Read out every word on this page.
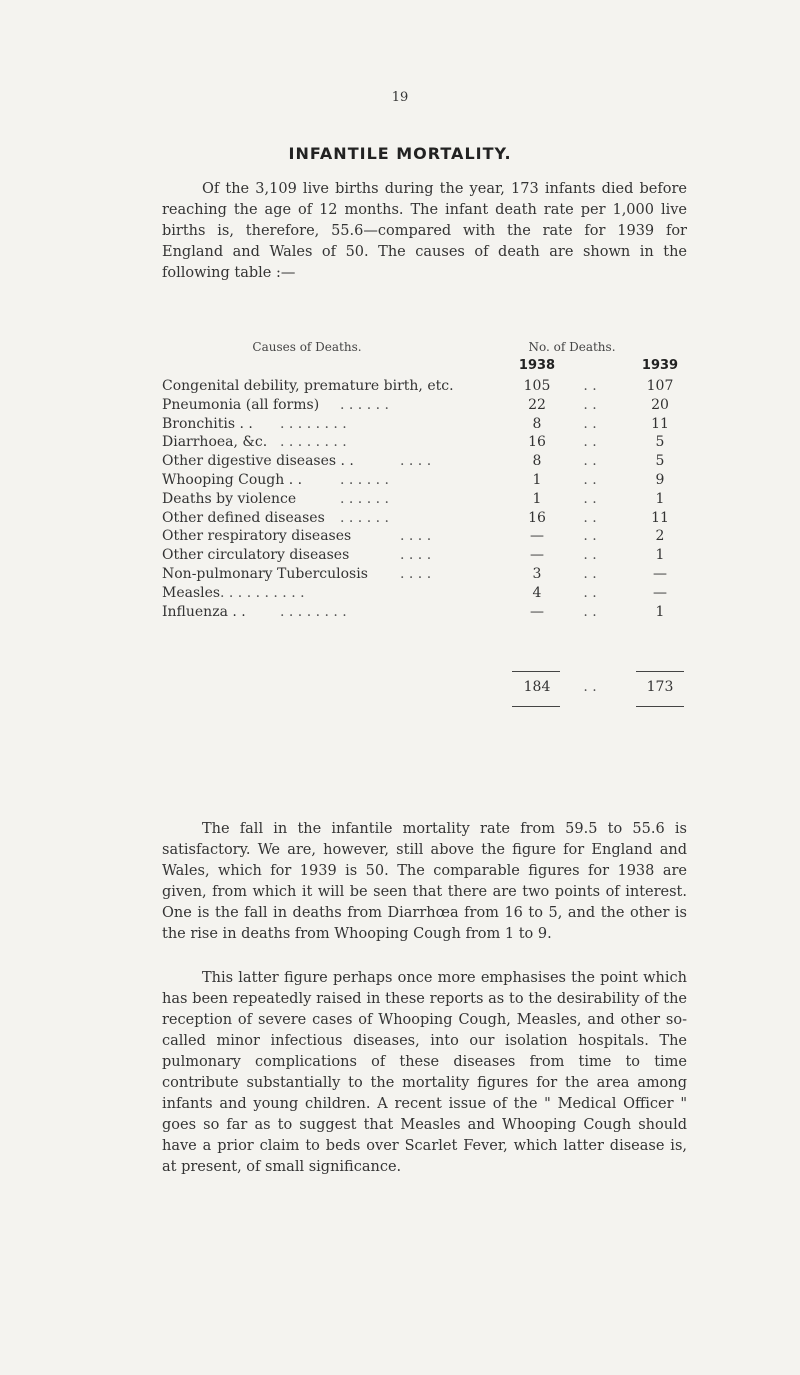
19
INFANTILE MORTALITY.
Of the 3,109 live births during the year, 173 infants died before reaching the age of 12 months. The infant death rate per 1,000 live births is, therefore, 55.6—compared with the rate for 1939 for England and Wales of 50. The causes of death are shown in the following table :—
Causes of Deaths.	No. of Deaths.
1938	1939
Congenital debility, premature birth, etc.	105	. .	107
Pneumonia (all forms) . . . . . .	22	. .	20
Bronchitis . . . . . . . . . .	8	. .	11
Diarrhoea, &c. . . . . . . . .	16	. .	5
Other digestive diseases . .	. . . .	8	. .	5
Whooping Cough . .	. . . . . .	1	. .	9
Deaths by violence	. . . . . .	1	. .	1
Other defined diseases . . . . . .	16	. .	11
Other respiratory diseases	. . . .	—	. .	2
Other circulatory diseases	. . . .	—	. .	1
Non-pulmonary Tuberculosis . . . .	3	. .	—
Measles . . . . . . . . . .	4	. .	—
Influenza . . . . . . . . . .	—	. .	1
184	. .	173
The fall in the infantile mortality rate from 59.5 to 55.6 is satisfactory. We are, however, still above the figure for England and Wales, which for 1939 is 50. The comparable figures for 1938 are given, from which it will be seen that there are two points of interest. One is the fall in deaths from Diarrhœa from 16 to 5, and the other is the rise in deaths from Whooping Cough from 1 to 9.
This latter figure perhaps once more emphasises the point which has been repeatedly raised in these reports as to the desirability of the reception of severe cases of Whooping Cough, Measles, and other so-called minor infectious diseases, into our isolation hospitals. The pulmonary complications of these diseases from time to time contribute substantially to the mortality figures for the area among infants and young children. A recent issue of the " Medical Officer " goes so far as to suggest that Measles and Whooping Cough should have a prior claim to beds over Scarlet Fever, which latter disease is, at present, of small significance.
